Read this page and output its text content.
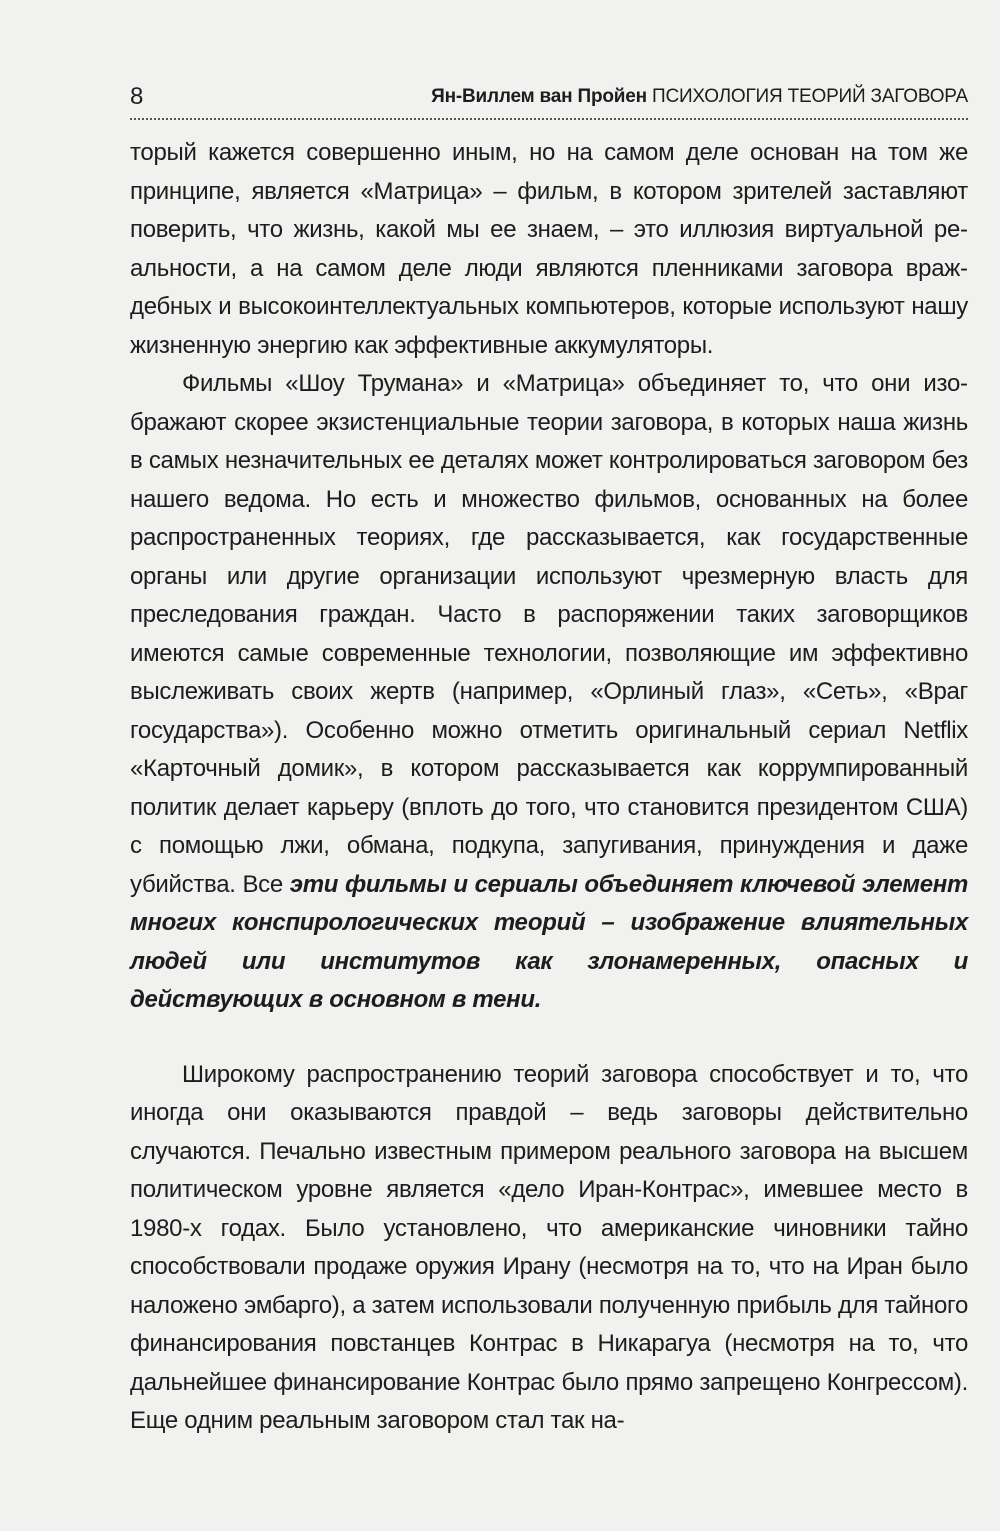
8	Ян-Виллем ван Пройен ПСИХОЛОГИЯ ТЕОРИЙ ЗАГОВОРА

торый кажется совершенно иным, но на самом деле основан на том же принципе, является «Матрица» – фильм, в котором зрителей заставляют поверить, что жизнь, какой мы ее знаем, – это иллюзия виртуальной реальности, а на самом деле люди являются пленниками заговора враждебных и высокоинтеллектуальных компьютеров, которые используют нашу жизненную энергию как эффективные аккумуляторы.

Фильмы «Шоу Трумана» и «Матрица» объединяет то, что они изображают скорее экзистенциальные теории заговора, в которых наша жизнь в самых незначительных ее деталях может контролироваться заговором без нашего ведома. Но есть и множество фильмов, основанных на более распространенных теориях, где рассказывается, как государственные органы или другие организации используют чрезмерную власть для преследования граждан. Часто в распоряжении таких заговорщиков имеются самые современные технологии, позволяющие им эффективно выслеживать своих жертв (например, «Орлиный глаз», «Сеть», «Враг государства»). Особенно можно отметить оригинальный сериал Netflix «Карточный домик», в котором рассказывается как коррумпированный политик делает карьеру (вплоть до того, что становится президентом США) с помощью лжи, обмана, подкупа, запугивания, принуждения и даже убийства. Все эти фильмы и сериалы объединяет ключевой элемент многих конспирологических теорий – изображение влиятельных людей или институтов как злонамеренных, опасных и действующих в основном в тени.

Широкому распространению теорий заговора способствует и то, что иногда они оказываются правдой – ведь заговоры действительно случаются. Печально известным примером реального заговора на высшем политическом уровне является «дело Иран-Контрас», имевшее место в 1980-х годах. Было установлено, что американские чиновники тайно способствовали продаже оружия Ирану (несмотря на то, что на Иран было наложено эмбарго), а затем использовали полученную прибыль для тайного финансирования повстанцев Контрас в Никарагуа (несмотря на то, что дальнейшее финансирование Контрас было прямо запрещено Конгрессом). Еще одним реальным заговором стал так на-
